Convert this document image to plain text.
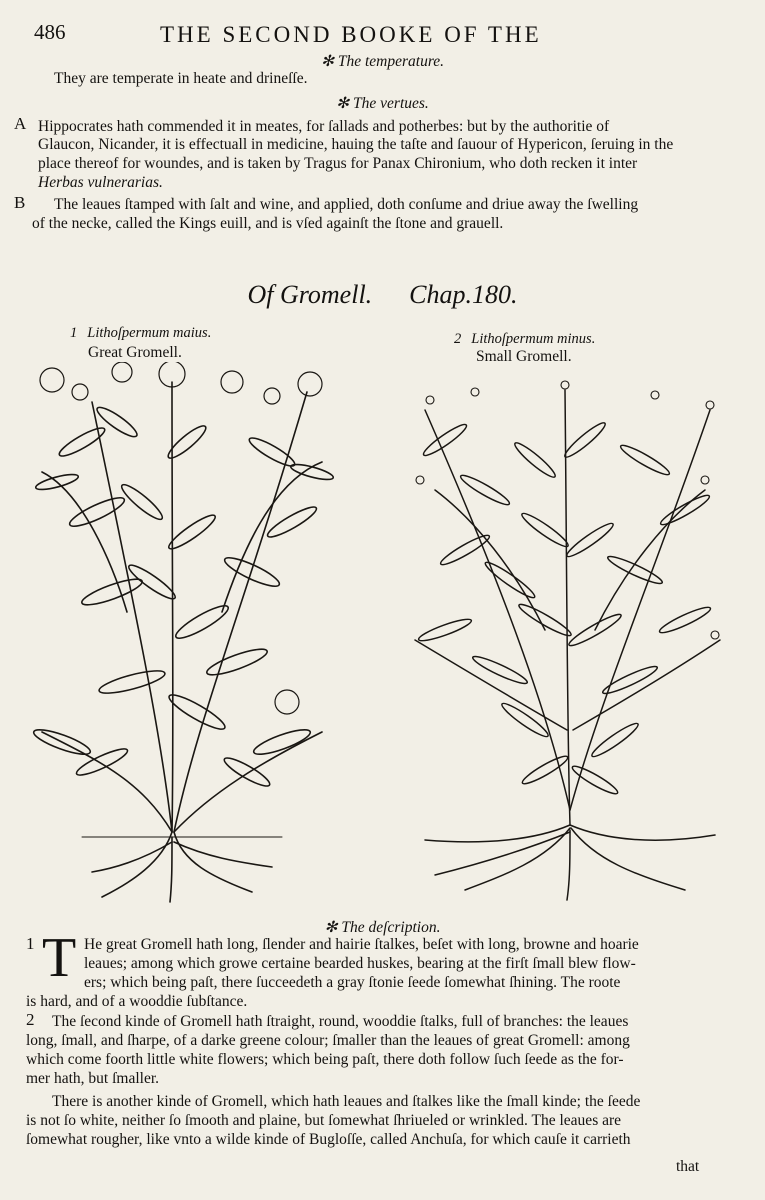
486	THE SECOND BOOKE OF THE
✻ The temperature.
They are temperate in heate and drineſſe.
✻ The vertues.
A Hippocrates hath commended it in meates, for ſallads and potherbes: but by the authoritie of
Glaucon, Nicander, it is effectuall in medicine, hauing the taſte and ſauour of Hypericon, ſeruing in the
place thereof for woundes, and is taken by Tragus for Panax Chironium, who doth recken it inter
Herbas vulnerarias.
B The leaues ſtamped with ſalt and wine, and applied, doth conſume and driue away the ſwelling
of the necke, called the Kings euill, and is vſed againſt the ſtone and grauell.
Of Gromell. Chap.180.
1 Lithoſpermum maius.
Great Gromell.
2 Lithoſpermum minus.
Small Gromell.
✻ The deſcription.
1 T He great Gromell hath long, ſlender and hairie ſtalkes, beſet with long, browne and hoarie
leaues; among which growe certaine bearded huskes, bearing at the firſt ſmall blew flow-
ers; which being paſt, there ſucceedeth a gray ſtonie ſeede ſomewhat ſhining. The roote
is hard, and of a wooddie ſubſtance.
2 The ſecond kinde of Gromell hath ſtraight, round, wooddie ſtalks, full of branches: the leaues
long, ſmall, and ſharpe, of a darke greene colour; ſmaller than the leaues of great Gromell: among
which come foorth little white flowers; which being paſt, there doth follow ſuch ſeede as the for-
mer hath, but ſmaller.
There is another kinde of Gromell, which hath leaues and ſtalkes like the ſmall kinde; the ſeede
is not ſo white, neither ſo ſmooth and plaine, but ſomewhat ſhriueled or wrinkled. The leaues are
ſomewhat rougher, like vnto a wilde kinde of Bugloſſe, called Anchuſa, for which cauſe it carrieth
that
